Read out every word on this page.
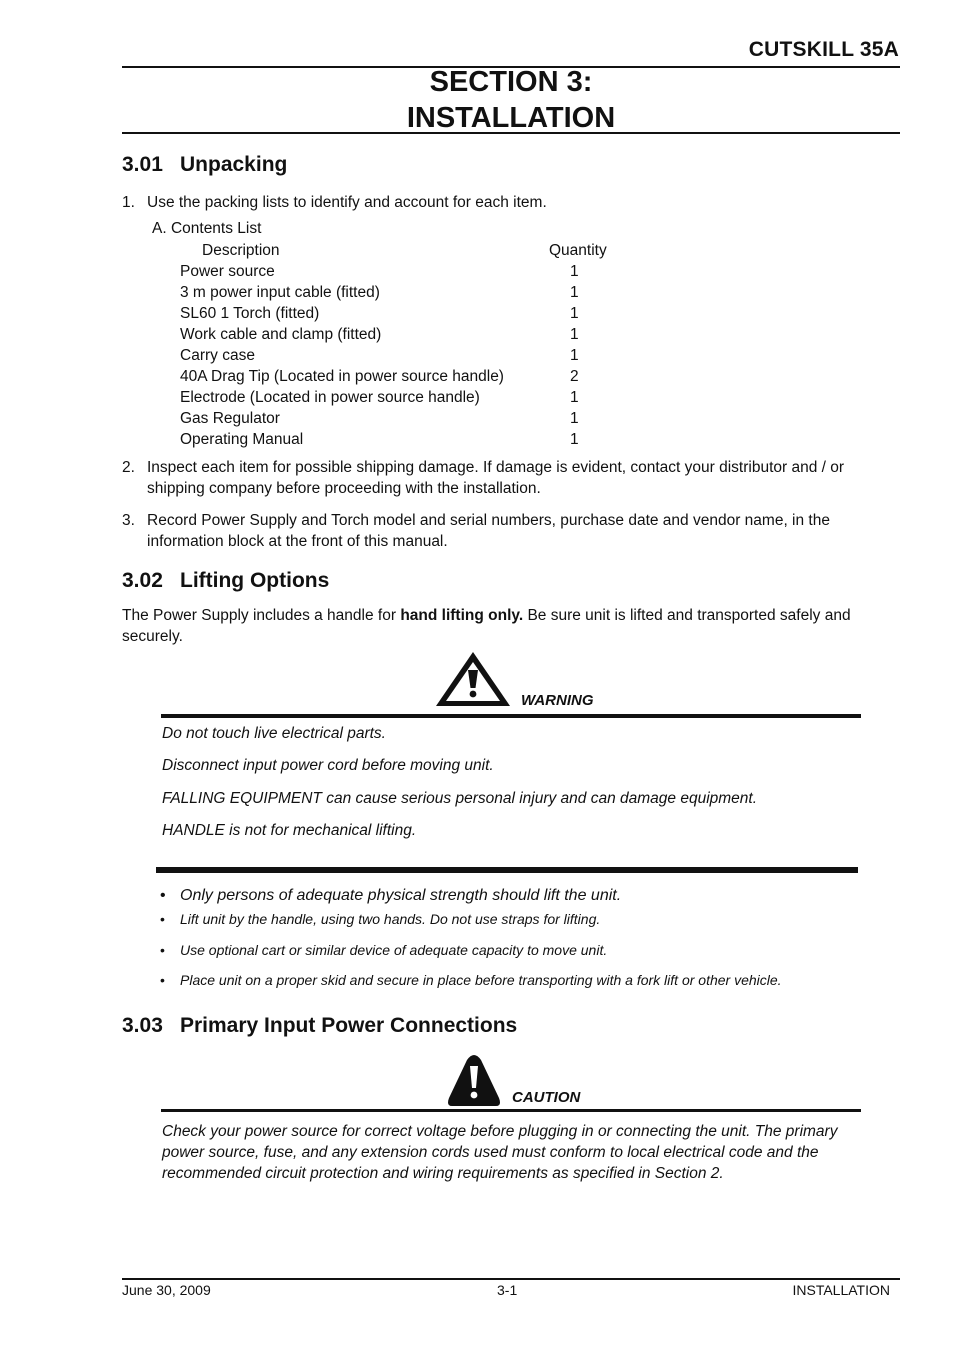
CUTSKILL 35A
SECTION 3:
INSTALLATION
3.01 Unpacking
1. Use the packing lists to identify and account for each item.
A. Contents List
Description	Quantity
Power source	1
3 m power input cable (fitted)	1
SL60 1 Torch (fitted)	1
Work cable and clamp (fitted)	1
Carry case	1
40A Drag Tip (Located in power source handle)	2
Electrode (Located in power source handle)	1
Gas Regulator	1
Operating Manual	1
2. Inspect each item for possible shipping damage. If damage is evident, contact your distributor and / or shipping company before proceeding with the installation.
3. Record Power Supply and Torch model and serial numbers, purchase date and vendor name, in the information block at the front of this manual.
3.02 Lifting Options
The Power Supply includes a handle for hand lifting only. Be sure unit is lifted and transported safely and securely.
WARNING
Do not touch live electrical parts.
Disconnect input power cord before moving unit.
FALLING EQUIPMENT can cause serious personal injury and can damage equipment.
HANDLE is not for mechanical lifting.
• Only persons of adequate physical strength should lift the unit.
• Lift unit by the handle, using two hands. Do not use straps for lifting.
• Use optional cart or similar device of adequate capacity to move unit.
• Place unit on a proper skid and secure in place before transporting with a fork lift or other vehicle.
3.03 Primary Input Power Connections
CAUTION
Check your power source for correct voltage before plugging in or connecting the unit. The primary power source, fuse, and any extension cords used must conform to local electrical code and the recommended circuit protection and wiring requirements as specified in Section 2.
June 30, 2009	3-1	INSTALLATION
